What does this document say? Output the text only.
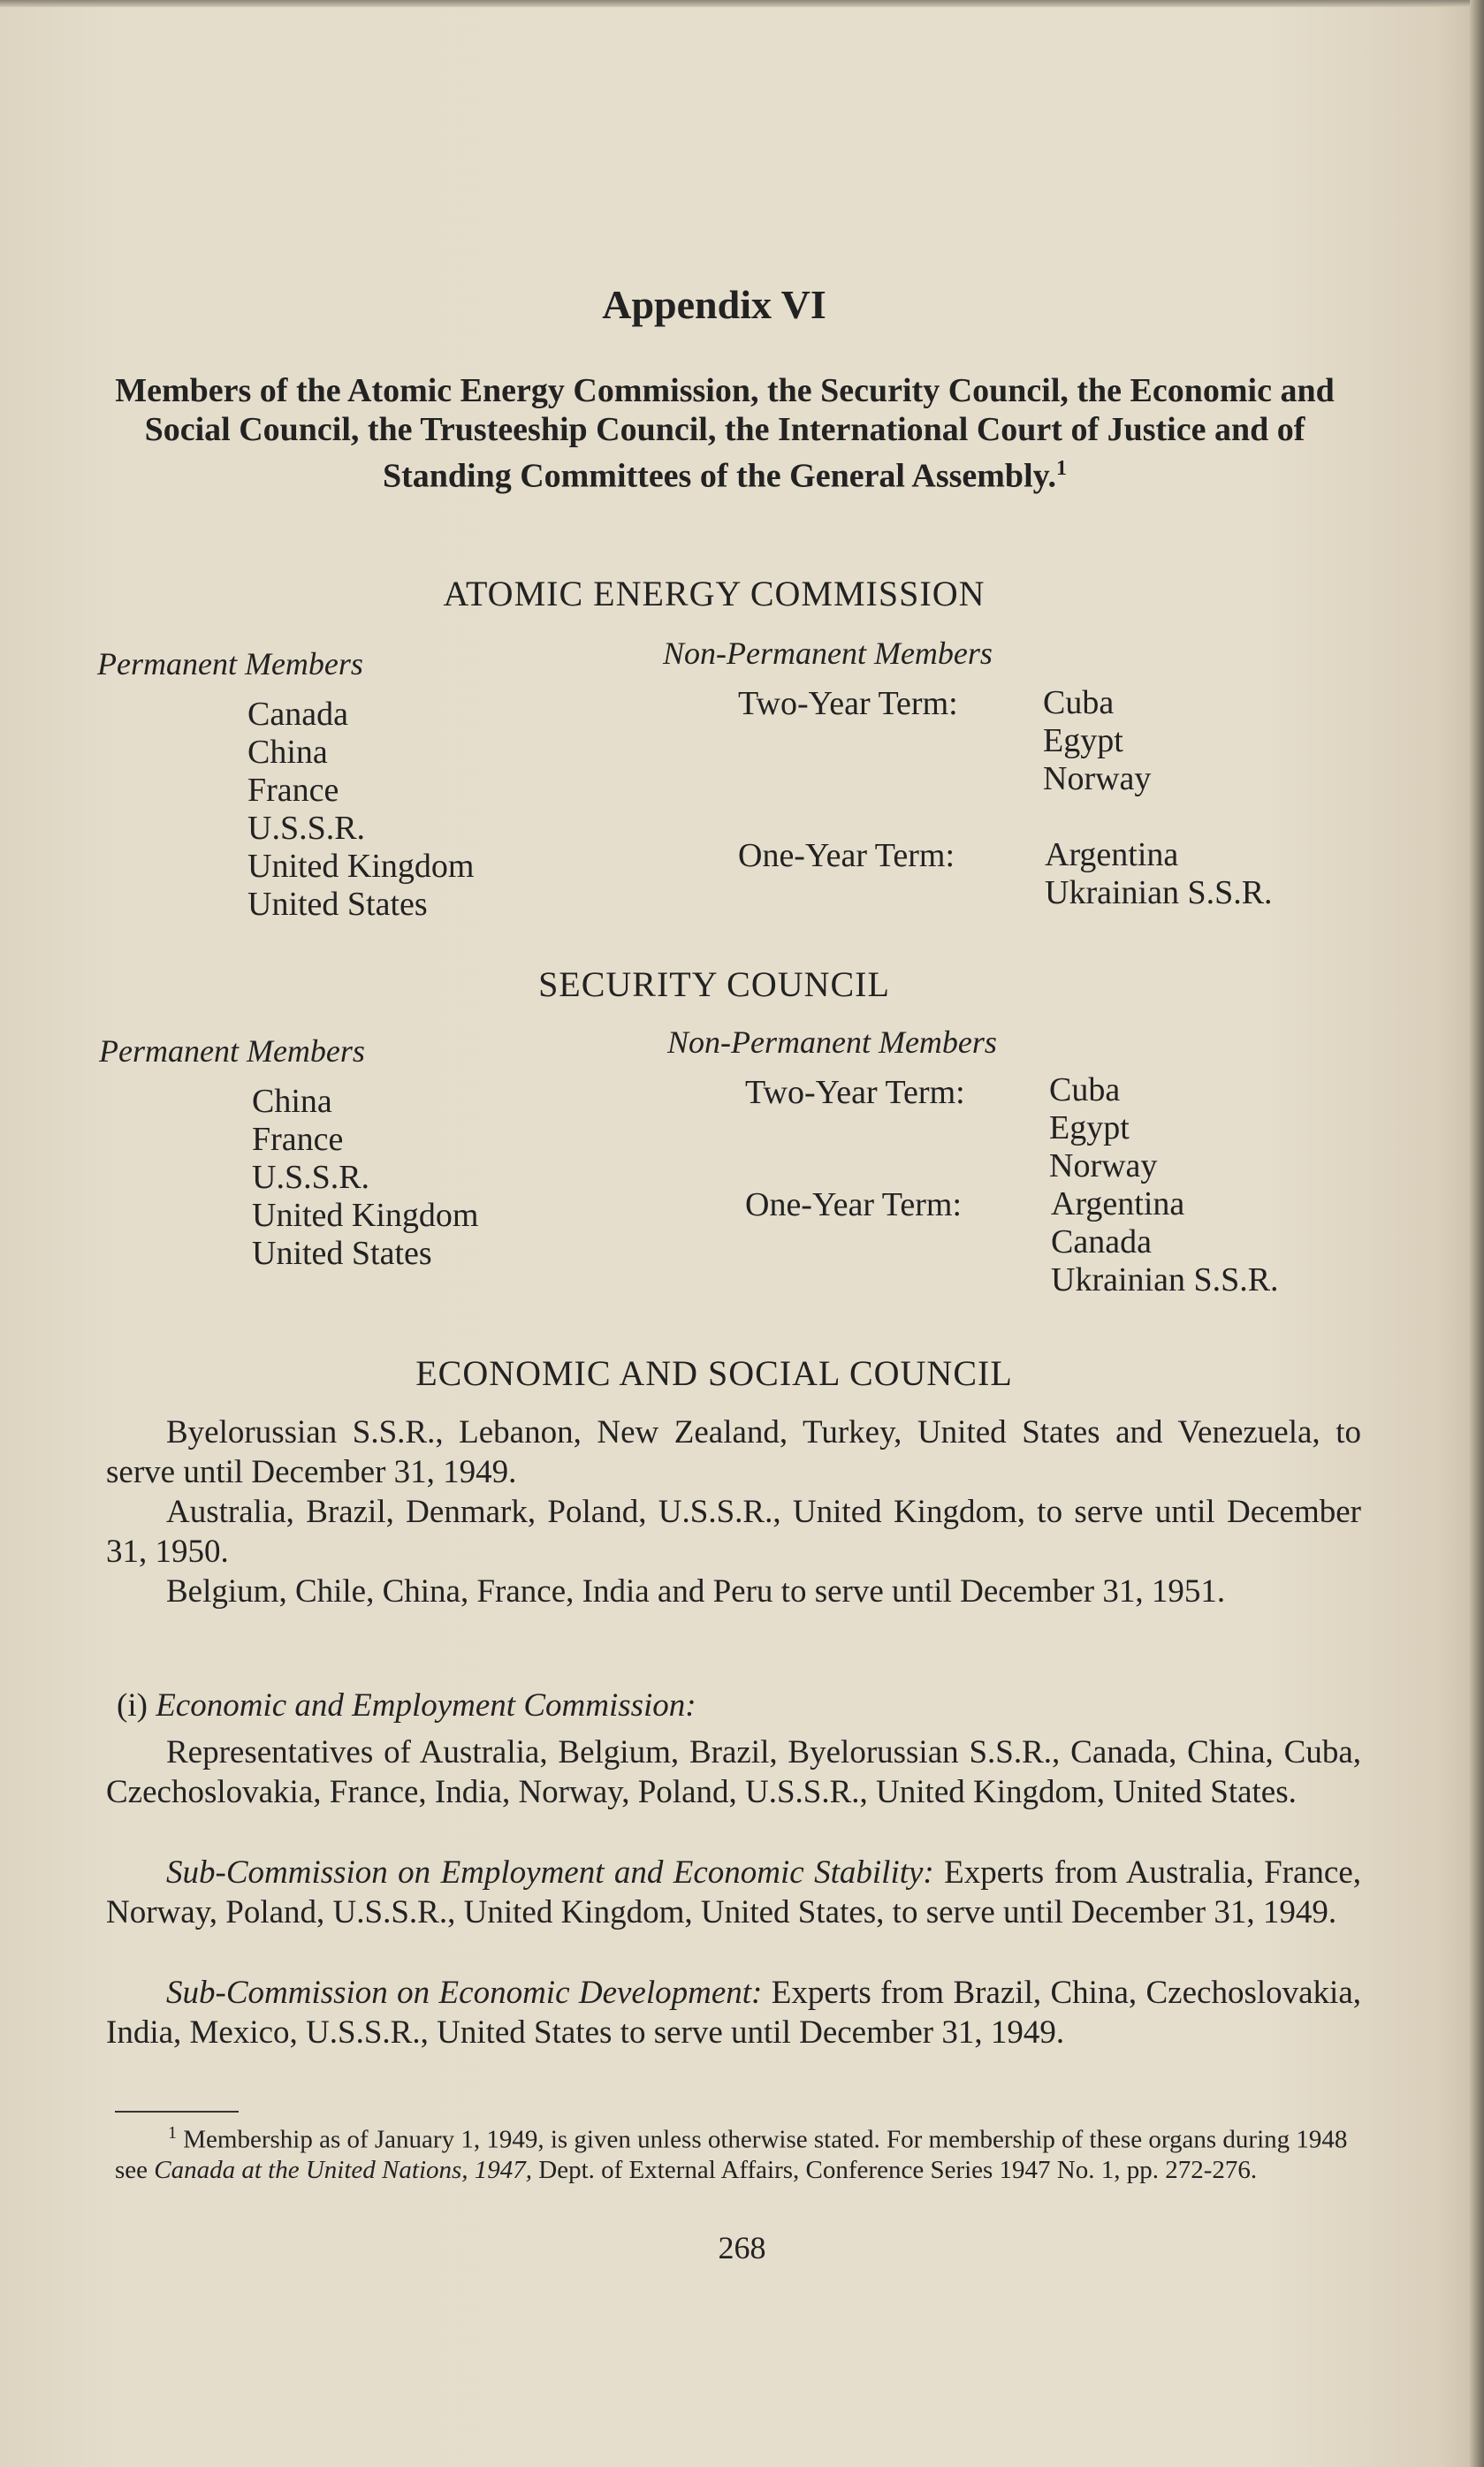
Appendix VI
Members of the Atomic Energy Commission, the Security Council, the Economic and Social Council, the Trusteeship Council, the International Court of Justice and of Standing Committees of the General Assembly.$^1$
ATOMIC ENERGY COMMISSION
Permanent Members
Canada
China
France
U.S.S.R.
United Kingdom
United States
Non-Permanent Members
Two-Year Term:	Cuba
Egypt
Norway
One-Year Term:	Argentina
Ukrainian S.S.R.
SECURITY COUNCIL
Permanent Members
China
France
U.S.S.R.
United Kingdom
United States
Non-Permanent Members
Two-Year Term:	Cuba
Egypt
Norway
One-Year Term:	Argentina
Canada
Ukrainian S.S.R.
ECONOMIC AND SOCIAL COUNCIL
Byelorussian S.S.R., Lebanon, New Zealand, Turkey, United States and Venezuela, to serve until December 31, 1949.
Australia, Brazil, Denmark, Poland, U.S.S.R., United Kingdom, to serve until December 31, 1950.
Belgium, Chile, China, France, India and Peru to serve until December 31, 1951.
(i) Economic and Employment Commission:
Representatives of Australia, Belgium, Brazil, Byelorussian S.S.R., Canada, China, Cuba, Czechoslovakia, France, India, Norway, Poland, U.S.S.R., United Kingdom, United States.
Sub-Commission on Employment and Economic Stability: Experts from Australia, France, Norway, Poland, U.S.S.R., United Kingdom, United States, to serve until December 31, 1949.
Sub-Commission on Economic Development: Experts from Brazil, China, Czechoslovakia, India, Mexico, U.S.S.R., United States to serve until December 31, 1949.
$^1$ Membership as of January 1, 1949, is given unless otherwise stated. For membership of these organs during 1948 see Canada at the United Nations, 1947, Dept. of External Affairs, Conference Series 1947 No. 1, pp. 272-276.
268
